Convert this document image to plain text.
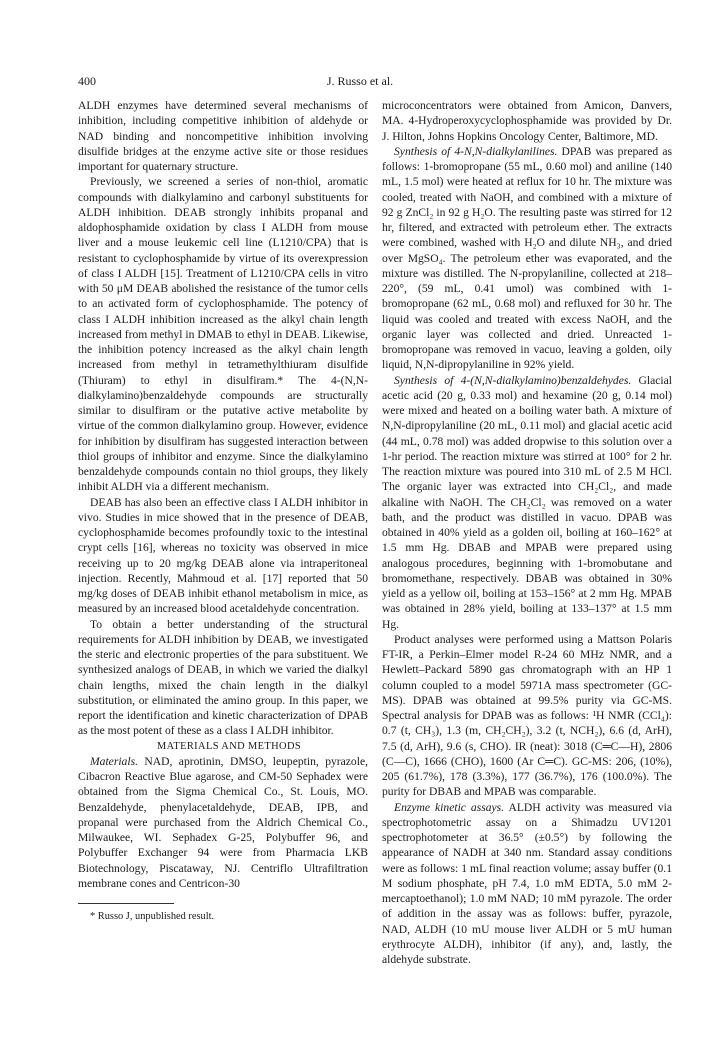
400	J. Russo et al.

ALDH enzymes have determined several mechanisms of inhibition, including competitive inhibition of aldehyde or NAD binding and noncompetitive inhibition involving disulfide bridges at the enzyme active site or those residues important for quaternary structure.

Previously, we screened a series of non-thiol, aromatic compounds with dialkylamino and carbonyl substituents for ALDH inhibition. DEAB strongly inhibits propanal and aldophosphamide oxidation by class I ALDH from mouse liver and a mouse leukemic cell line (L1210/CPA) that is resistant to cyclophosphamide by virtue of its overexpression of class I ALDH [15]. Treatment of L1210/CPA cells in vitro with 50 μM DEAB abolished the resistance of the tumor cells to an activated form of cyclophosphamide. The potency of class I ALDH inhibition increased as the alkyl chain length increased from methyl in DMAB to ethyl in DEAB. Likewise, the inhibition potency increased as the alkyl chain length increased from methyl in tetramethylthiuram disulfide (Thiuram) to ethyl in disulfiram.* The 4-(N,N-dialkylamino)benzaldehyde compounds are structurally similar to disulfiram or the putative active metabolite by virtue of the common dialkylamino group. However, evidence for inhibition by disulfiram has suggested interaction between thiol groups of inhibitor and enzyme. Since the dialkylamino benzaldehyde compounds contain no thiol groups, they likely inhibit ALDH via a different mechanism.

DEAB has also been an effective class I ALDH inhibitor in vivo. Studies in mice showed that in the presence of DEAB, cyclophosphamide becomes profoundly toxic to the intestinal crypt cells [16], whereas no toxicity was observed in mice receiving up to 20 mg/kg DEAB alone via intraperitoneal injection. Recently, Mahmoud et al. [17] reported that 50 mg/kg doses of DEAB inhibit ethanol metabolism in mice, as measured by an increased blood acetaldehyde concentration.

To obtain a better understanding of the structural requirements for ALDH inhibition by DEAB, we investigated the steric and electronic properties of the para substituent. We synthesized analogs of DEAB, in which we varied the dialkyl chain lengths, mixed the chain length in the dialkyl substitution, or eliminated the amino group. In this paper, we report the identification and kinetic characterization of DPAB as the most potent of these as a class I ALDH inhibitor.

MATERIALS AND METHODS

Materials. NAD, aprotinin, DMSO, leupeptin, pyrazole, Cibacron Reactive Blue agarose, and CM-50 Sephadex were obtained from the Sigma Chemical Co., St. Louis, MO. Benzaldehyde, phenylacetaldehyde, DEAB, IPB, and propanal were purchased from the Aldrich Chemical Co., Milwaukee, WI. Sephadex G-25, Polybuffer 96, and Polybuffer Exchanger 94 were from Pharmacia LKB Biotechnology, Piscataway, NJ. Centriflo Ultrafiltration membrane cones and Centricon-30

* Russo J, unpublished result.

microconcentrators were obtained from Amicon, Danvers, MA. 4-Hydroperoxycyclophosphamide was provided by Dr. J. Hilton, Johns Hopkins Oncology Center, Baltimore, MD.

Synthesis of 4-N,N-dialkylanilines. DPAB was prepared as follows: 1-bromopropane (55 mL, 0.60 mol) and aniline (140 mL, 1.5 mol) were heated at reflux for 10 hr. The mixture was cooled, treated with NaOH, and combined with a mixture of 92 g ZnCl₂ in 92 g H₂O. The resulting paste was stirred for 12 hr, filtered, and extracted with petroleum ether. The extracts were combined, washed with H₂O and dilute NH₃, and dried over MgSO₄. The petroleum ether was evaporated, and the mixture was distilled. The N-propylaniline, collected at 218–220°, (59 mL, 0.41 umol) was combined with 1-bromopropane (62 mL, 0.68 mol) and refluxed for 30 hr. The liquid was cooled and treated with excess NaOH, and the organic layer was collected and dried. Unreacted 1-bromopropane was removed in vacuo, leaving a golden, oily liquid, N,N-dipropylaniline in 92% yield.

Synthesis of 4-(N,N-dialkylamino)benzaldehydes. Glacial acetic acid (20 g, 0.33 mol) and hexamine (20 g, 0.14 mol) were mixed and heated on a boiling water bath. A mixture of N,N-dipropylaniline (20 mL, 0.11 mol) and glacial acetic acid (44 mL, 0.78 mol) was added dropwise to this solution over a 1-hr period. The reaction mixture was stirred at 100° for 2 hr. The reaction mixture was poured into 310 mL of 2.5 M HCl. The organic layer was extracted into CH₂Cl₂, and made alkaline with NaOH. The CH₂Cl₂ was removed on a water bath, and the product was distilled in vacuo. DPAB was obtained in 40% yield as a golden oil, boiling at 160–162° at 1.5 mm Hg. DBAB and MPAB were prepared using analogous procedures, beginning with 1-bromobutane and bromomethane, respectively. DBAB was obtained in 30% yield as a yellow oil, boiling at 153–156° at 2 mm Hg. MPAB was obtained in 28% yield, boiling at 133–137° at 1.5 mm Hg.

Product analyses were performed using a Mattson Polaris FT-IR, a Perkin–Elmer model R-24 60 MHz NMR, and a Hewlett–Packard 5890 gas chromatograph with an HP 1 column coupled to a model 5971A mass spectrometer (GC-MS). DPAB was obtained at 99.5% purity via GC-MS. Spectral analysis for DPAB was as follows: ¹H NMR (CCl₄): 0.7 (t, CH₃), 1.3 (m, CH₂CH₂), 3.2 (t, NCH₂), 6.6 (d, ArH), 7.5 (d, ArH), 9.6 (s, CHO). IR (neat): 3018 (C═C—H), 2806 (C—C), 1666 (CHO), 1600 (Ar C═C). GC-MS: 206, (10%), 205 (61.7%), 178 (3.3%), 177 (36.7%), 176 (100.0%). The purity for DBAB and MPAB was comparable.

Enzyme kinetic assays. ALDH activity was measured via spectrophotometric assay on a Shimadzu UV1201 spectrophotometer at 36.5° (±0.5°) by following the appearance of NADH at 340 nm. Standard assay conditions were as follows: 1 mL final reaction volume; assay buffer (0.1 M sodium phosphate, pH 7.4, 1.0 mM EDTA, 5.0 mM 2-mercaptoethanol); 1.0 mM NAD; 10 mM pyrazole. The order of addition in the assay was as follows: buffer, pyrazole, NAD, ALDH (10 mU mouse liver ALDH or 5 mU human erythrocyte ALDH), inhibitor (if any), and, lastly, the aldehyde substrate.
